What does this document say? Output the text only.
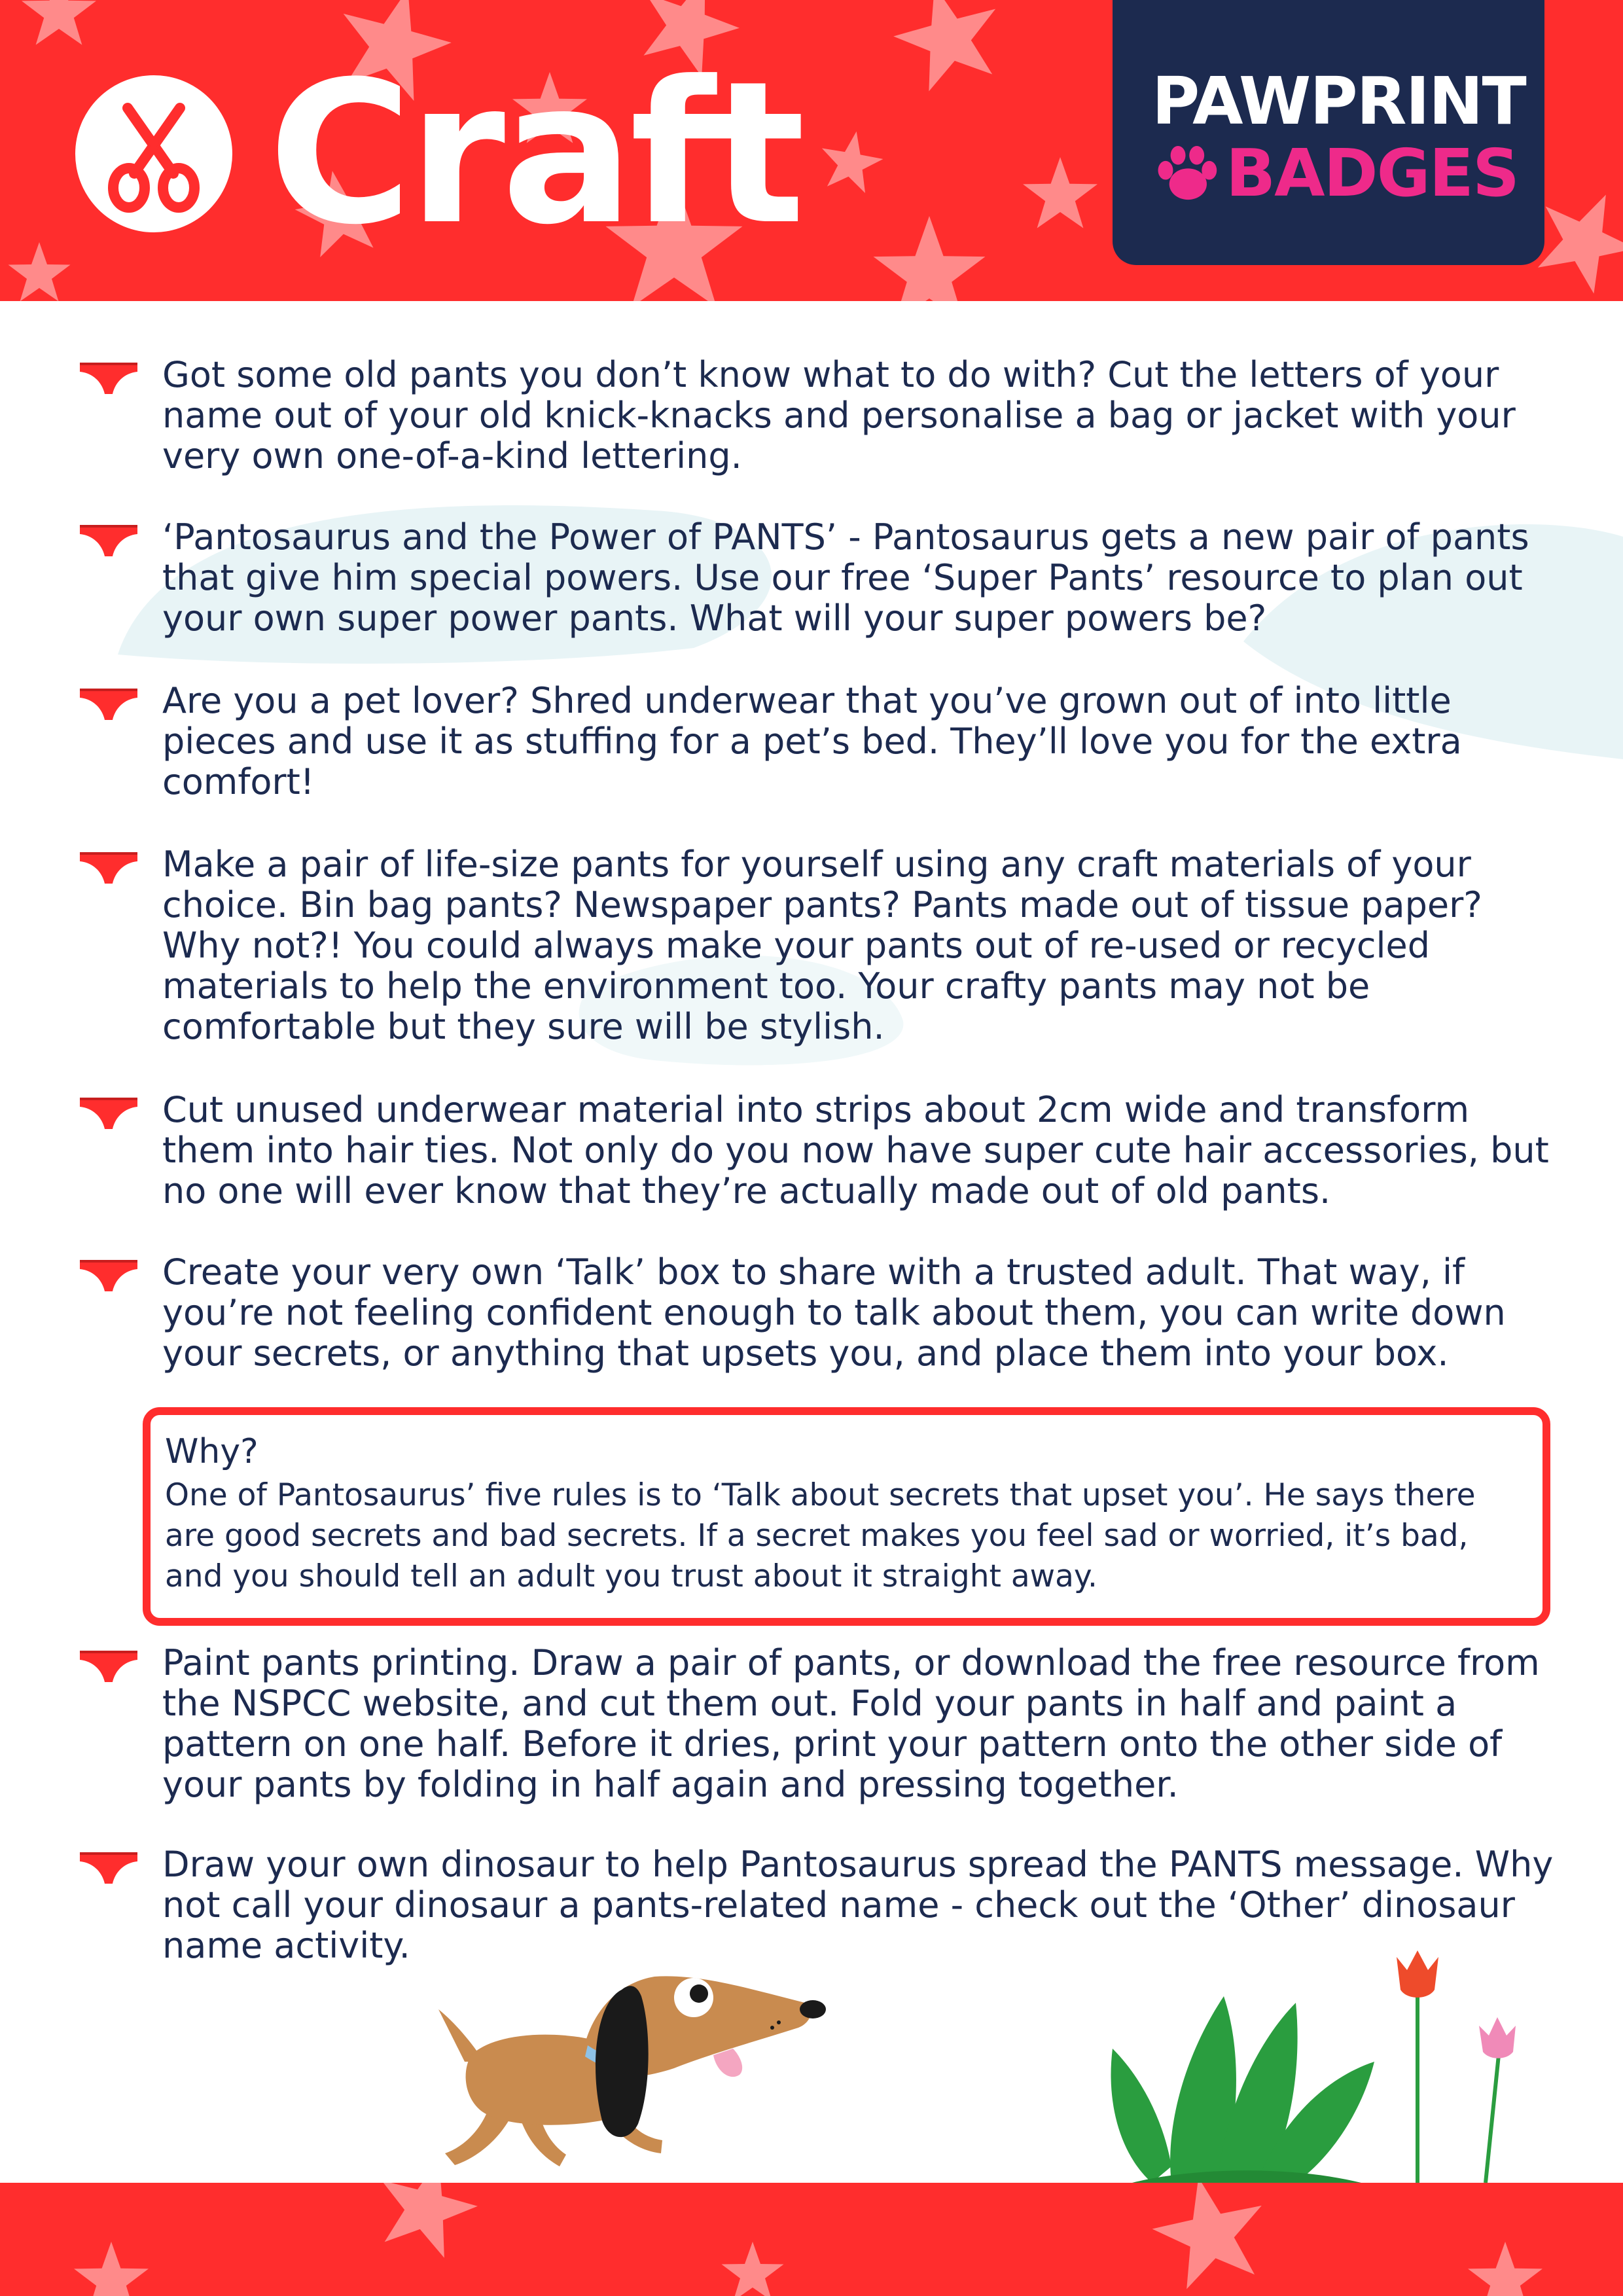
Craft	PAWPRINT
BADGES

Got some old pants you don’t know what to do with? Cut the letters of your name out of your old knick-knacks and personalise a bag or jacket with your very own one-of-a-kind lettering.

‘Pantosaurus and the Power of PANTS’ - Pantosaurus gets a new pair of pants that give him special powers. Use our free ‘Super Pants’ resource to plan out your own super power pants. What will your super powers be?

Are you a pet lover? Shred underwear that you’ve grown out of into little pieces and use it as stuffing for a pet’s bed. They’ll love you for the extra comfort!

Make a pair of life-size pants for yourself using any craft materials of your choice. Bin bag pants? Newspaper pants? Pants made out of tissue paper? Why not?! You could always make your pants out of re-used or recycled materials to help the environment too. Your crafty pants may not be comfortable but they sure will be stylish.

Cut unused underwear material into strips about 2cm wide and transform them into hair ties. Not only do you now have super cute hair accessories, but no one will ever know that they’re actually made out of old pants.

Create your very own ‘Talk’ box to share with a trusted adult. That way, if you’re not feeling confident enough to talk about them, you can write down your secrets, or anything that upsets you, and place them into your box.

Why?

One of Pantosaurus’ five rules is to ‘Talk about secrets that upset you’. He says there are good secrets and bad secrets. If a secret makes you feel sad or worried, it’s bad, and you should tell an adult you trust about it straight away.

Paint pants printing. Draw a pair of pants, or download the free resource from the NSPCC website, and cut them out. Fold your pants in half and paint a pattern on one half. Before it dries, print your pattern onto the other side of your pants by folding in half again and pressing together.

Draw your own dinosaur to help Pantosaurus spread the PANTS message. Why not call your dinosaur a pants-related name - check out the ‘Other’ dinosaur name activity.
